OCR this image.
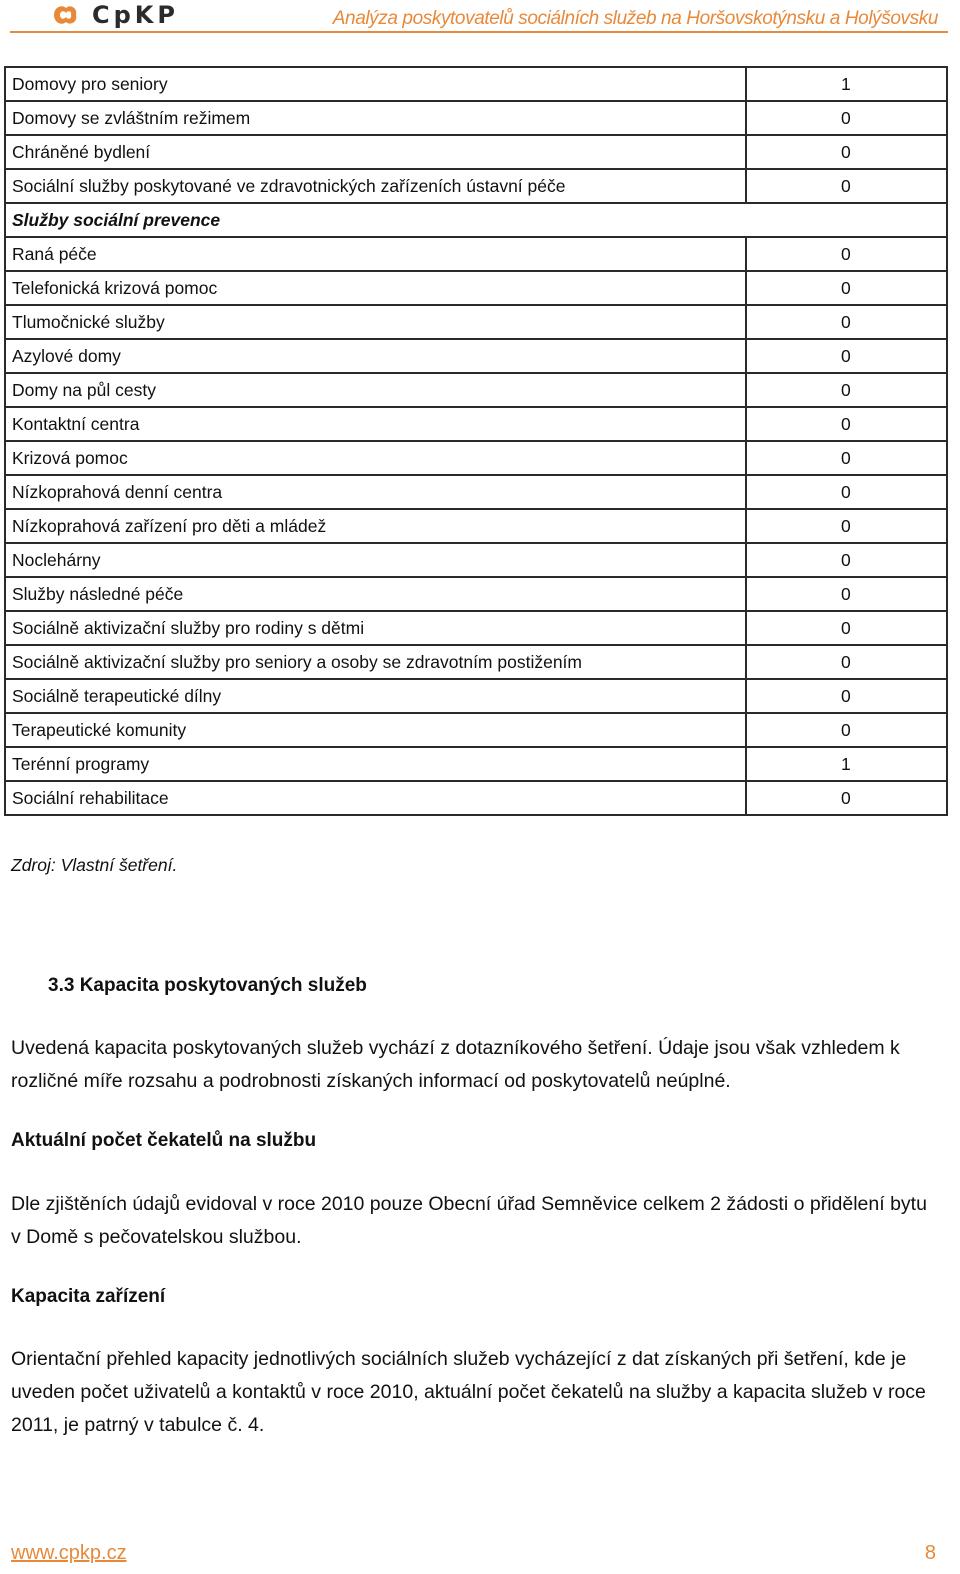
CpKP	Analýza poskytovatelů sociálních služeb na Horšovskotýnsku a Holýšovsku
Domovy pro seniory	1
Domovy se zvláštním režimem	0
Chráněné bydlení	0
Sociální služby poskytované ve zdravotnických zařízeních ústavní péče	0
Služby sociální prevence	
Raná péče	0
Telefonická krizová pomoc	0
Tlumočnické služby	0
Azylové domy	0
Domy na půl cesty	0
Kontaktní centra	0
Krizová pomoc	0
Nízkoprahová denní centra	0
Nízkoprahová zařízení pro děti a mládež	0
Noclehárny	0
Služby následné péče	0
Sociálně aktivizační služby pro rodiny s dětmi	0
Sociálně aktivizační služby pro seniory a osoby se zdravotním postižením	0
Sociálně terapeutické dílny	0
Terapeutické komunity	0
Terénní programy	1
Sociální rehabilitace	0
Zdroj: Vlastní šetření.
3.3 Kapacita poskytovaných služeb
Uvedená kapacita poskytovaných služeb vychází z dotazníkového šetření. Údaje jsou však vzhledem k rozličné míře rozsahu a podrobnosti získaných informací od poskytovatelů neúplné.
Aktuální počet čekatelů na službu
Dle zjištěních údajů evidoval v roce 2010 pouze Obecní úřad Semněvice celkem 2 žádosti o přidělení bytu v Domě s pečovatelskou službou.
Kapacita zařízení
Orientační přehled kapacity jednotlivých sociálních služeb vycházející z dat získaných při šetření, kde je uveden počet uživatelů a kontaktů v roce 2010, aktuální počet čekatelů na služby a kapacita služeb v roce 2011, je patrný v tabulce č. 4.
www.cpkp.cz	8
